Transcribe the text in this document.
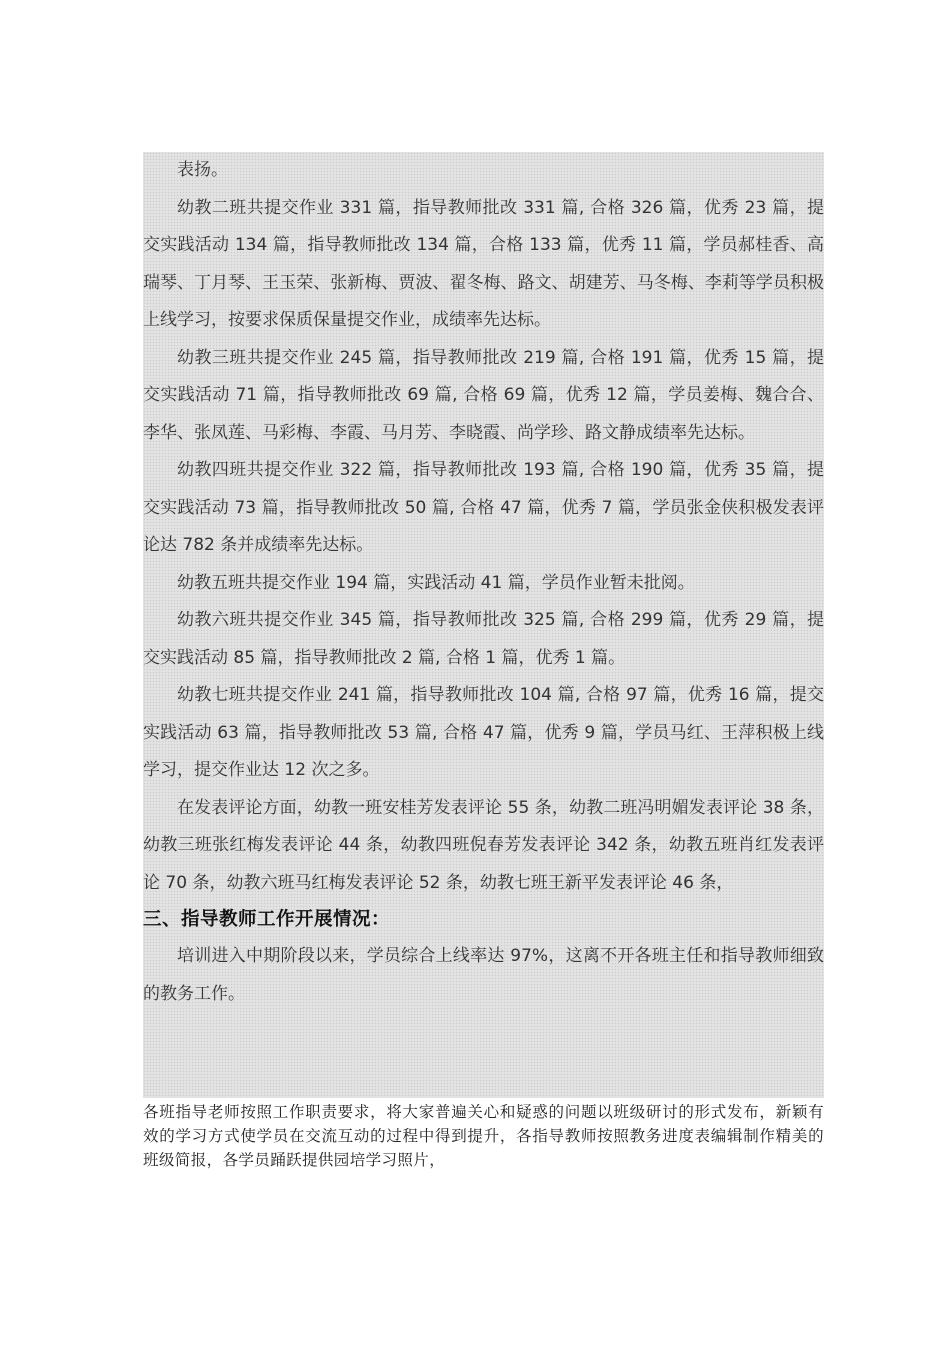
表扬。

幼教二班共提交作业 331 篇，指导教师批改 331 篇, 合格 326 篇，优秀 23 篇，提交实践活动 134 篇，指导教师批改 134 篇，合格 133 篇，优秀 11 篇，学员郝桂香、高瑞琴、丁月琴、王玉荣、张新梅、贾波、翟冬梅、路文、胡建芳、马冬梅、李莉等学员积极上线学习，按要求保质保量提交作业，成绩率先达标。

幼教三班共提交作业 245 篇，指导教师批改 219 篇, 合格 191 篇，优秀 15 篇，提交实践活动 71 篇，指导教师批改 69 篇, 合格 69 篇，优秀 12 篇，学员姜梅、魏合合、李华、张凤莲、马彩梅、李霞、马月芳、李晓霞、尚学珍、路文静成绩率先达标。

幼教四班共提交作业 322 篇，指导教师批改 193 篇, 合格 190 篇，优秀 35 篇，提交实践活动 73 篇，指导教师批改 50 篇, 合格 47 篇，优秀 7 篇，学员张金侠积极发表评论达 782 条并成绩率先达标。

幼教五班共提交作业 194 篇，实践活动 41 篇，学员作业暂未批阅。

幼教六班共提交作业 345 篇，指导教师批改 325 篇, 合格 299 篇，优秀 29 篇，提交实践活动 85 篇，指导教师批改 2 篇, 合格 1 篇，优秀 1 篇。

幼教七班共提交作业 241 篇，指导教师批改 104 篇, 合格 97 篇，优秀 16 篇，提交实践活动 63 篇，指导教师批改 53 篇, 合格 47 篇，优秀 9 篇，学员马红、王萍积极上线学习，提交作业达 12 次之多。

在发表评论方面，幼教一班安桂芳发表评论 55 条，幼教二班冯明媚发表评论 38 条，幼教三班张红梅发表评论 44 条，幼教四班倪春芳发表评论 342 条，幼教五班肖红发表评论 70 条，幼教六班马红梅发表评论 52 条，幼教七班王新平发表评论 46 条，

三、指导教师工作开展情况：

培训进入中期阶段以来，学员综合上线率达 97%，这离不开各班主任和指导教师细致的教务工作。

各班指导老师按照工作职责要求，将大家普遍关心和疑惑的问题以班级研讨的形式发布，新颖有效的学习方式使学员在交流互动的过程中得到提升，各指导教师按照教务进度表编辑制作精美的班级简报，各学员踊跃提供园培学习照片，
